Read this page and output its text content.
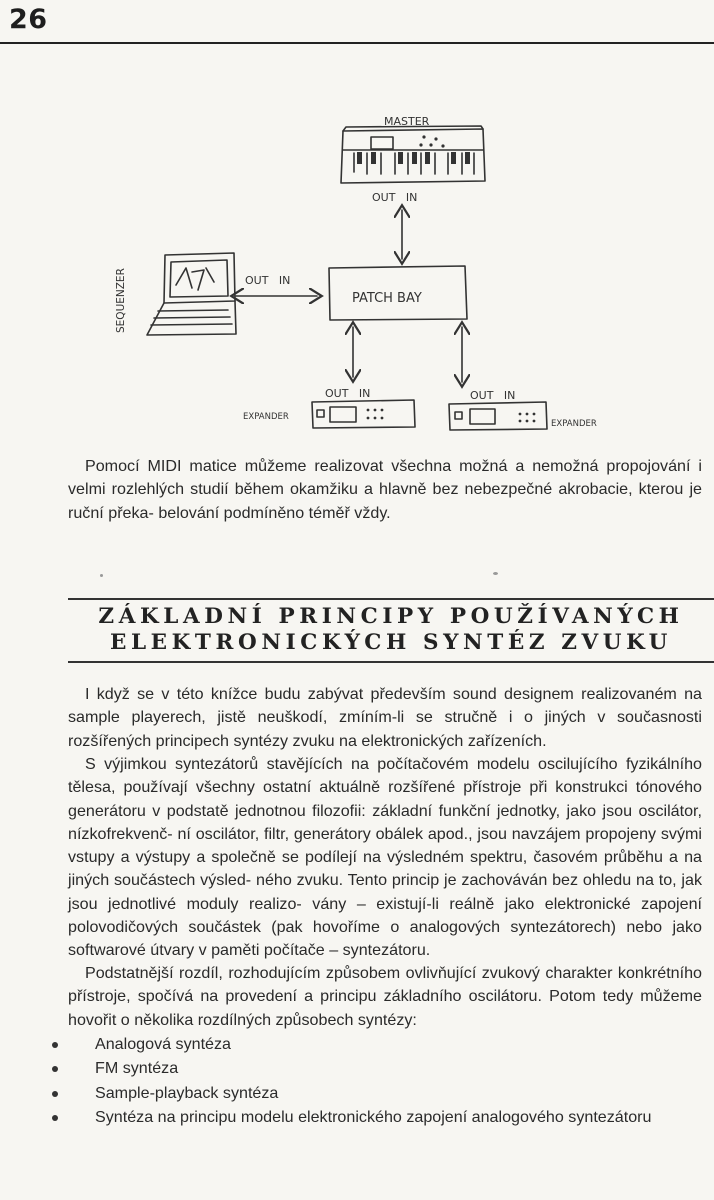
26
MASTER
OUT   IN
SEQUENZER	OUT   IN
PATCH BAY
OUT   IN	OUT   IN
EXPANDER
EXPANDER
Pomocí MIDI matice můžeme realizovat všechna možná a nemožná propojování i velmi rozlehlých studií během okamžiku a hlavně bez nebezpečné akrobacie, kterou je ruční překa- belování podmíněno téměř vždy.
ZÁKLADNÍ PRINCIPY POUŽÍVANÝCH
ELEKTRONICKÝCH SYNTÉZ ZVUKU
I když se v této knížce budu zabývat především sound designem realizovaném na sample playerech, jistě neuškodí, zmíním-li se stručně i o jiných v současnosti rozšířených principech syntézy zvuku na elektronických zařízeních.
S výjimkou syntezátorů stavějících na počítačovém modelu oscilujícího fyzikálního tělesa, používají všechny ostatní aktuálně rozšířené přístroje při konstrukci tónového generátoru v podstatě jednotnou filozofii: základní funkční jednotky, jako jsou oscilátor, nízkofrekvenč- ní oscilátor, filtr, generátory obálek apod., jsou navzájem propojeny svými vstupy a výstupy a společně se podílejí na výsledném spektru, časovém průběhu a na jiných součástech výsled- ného zvuku. Tento princip je zachováván bez ohledu na to, jak jsou jednotlivé moduly realizo- vány – existují-li reálně jako elektronické zapojení polovodičových součástek (pak hovoříme o analogových syntezátorech) nebo jako softwarové útvary v paměti počítače – syntezátoru.
Podstatnější rozdíl, rozhodujícím způsobem ovlivňující zvukový charakter konkrétního přístroje, spočívá na provedení a principu základního oscilátoru. Potom tedy můžeme hovořit o několika rozdílných způsobech syntézy:
Analogová syntéza
FM syntéza
Sample-playback syntéza
Syntéza na principu modelu elektronického zapojení analogového syntezátoru
